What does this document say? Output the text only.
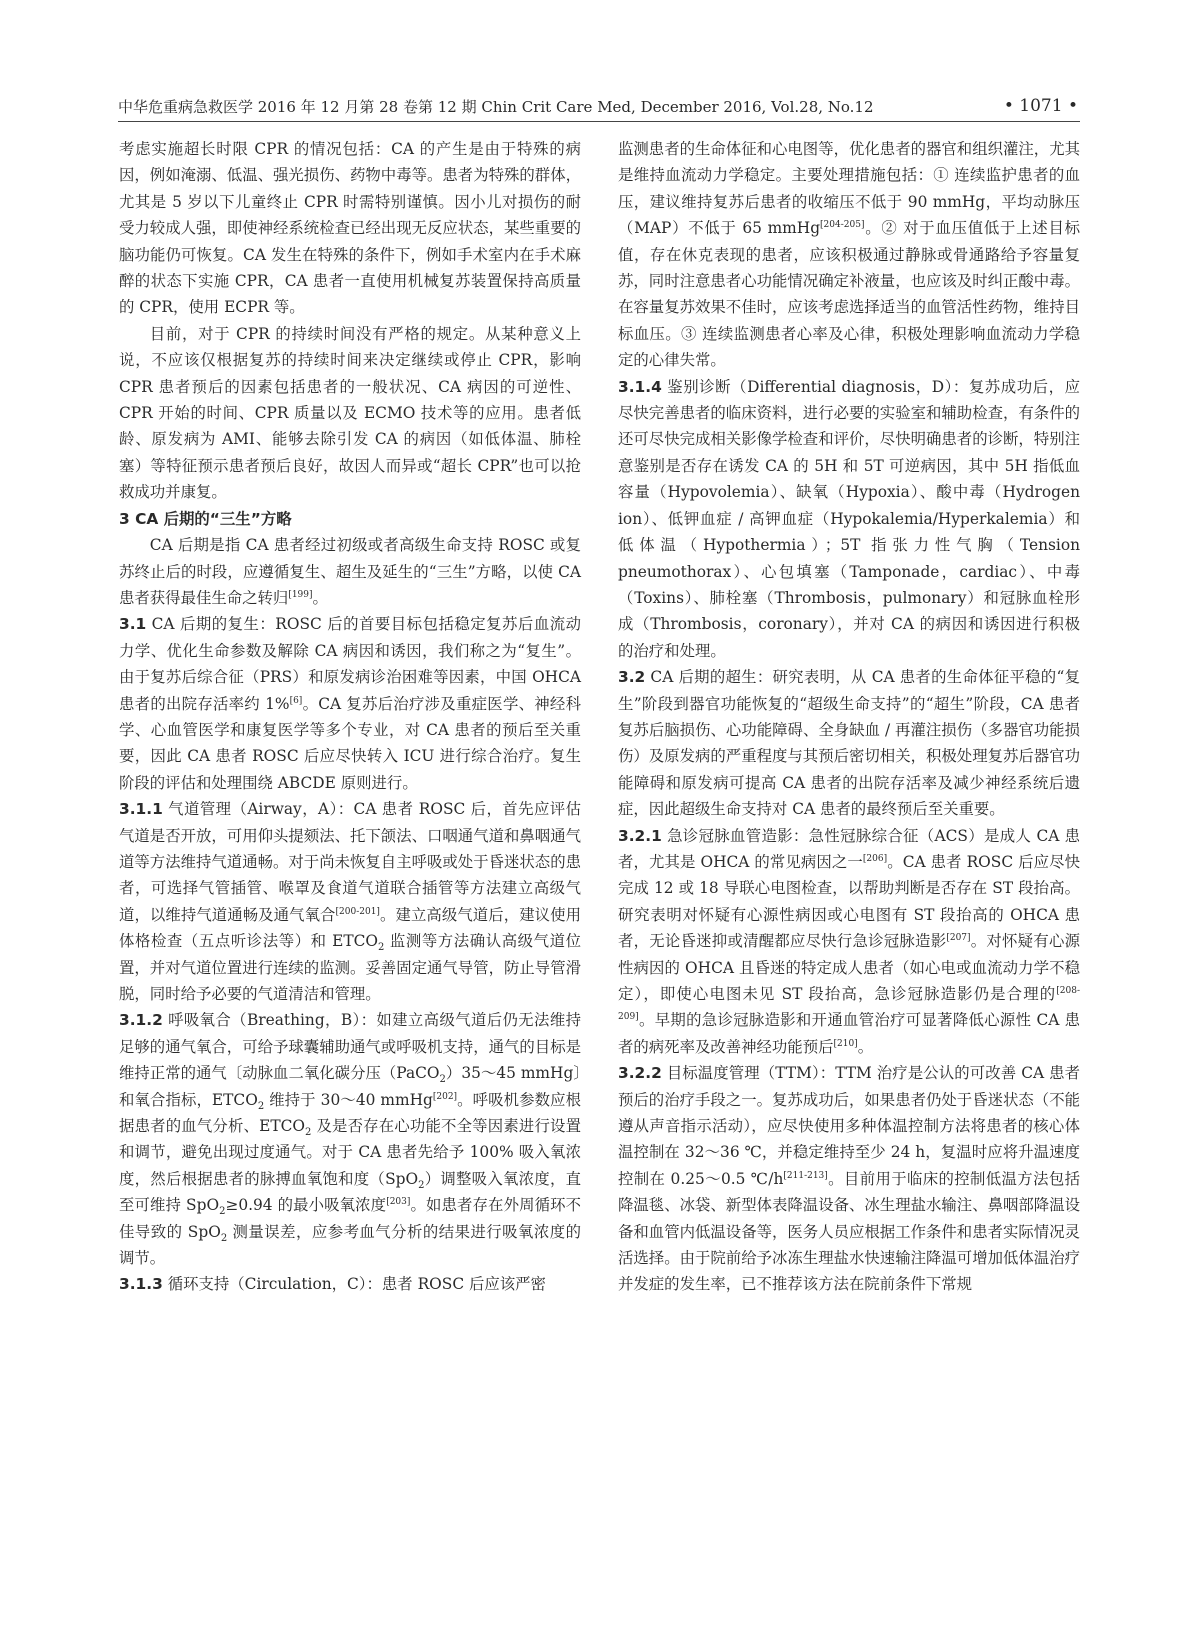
中华危重病急救医学 2016 年 12 月第 28 卷第 12 期 Chin Crit Care Med, December 2016, Vol.28, No.12	• 1071 •

考虑实施超长时限 CPR 的情况包括：CA 的产生是由于特殊的病因，例如淹溺、低温、强光损伤、药物中毒等。患者为特殊的群体，尤其是 5 岁以下儿童终止 CPR 时需特别谨慎。因小儿对损伤的耐受力较成人强，即使神经系统检查已经出现无反应状态，某些重要的脑功能仍可恢复。CA 发生在特殊的条件下，例如手术室内在手术麻醉的状态下实施 CPR，CA 患者一直使用机械复苏装置保持高质量的 CPR，使用 ECPR 等。

目前，对于 CPR 的持续时间没有严格的规定。从某种意义上说，不应该仅根据复苏的持续时间来决定继续或停止 CPR，影响 CPR 患者预后的因素包括患者的一般状况、CA 病因的可逆性、CPR 开始的时间、CPR 质量以及 ECMO 技术等的应用。患者低龄、原发病为 AMI、能够去除引发 CA 的病因（如低体温、肺栓塞）等特征预示患者预后良好，故因人而异或“超长 CPR”也可以抢救成功并康复。

3 CA 后期的“三生”方略

CA 后期是指 CA 患者经过初级或者高级生命支持 ROSC 或复苏终止后的时段，应遵循复生、超生及延生的“三生”方略，以使 CA 患者获得最佳生命之转归[199]。

3.1 CA 后期的复生：ROSC 后的首要目标包括稳定复苏后血流动力学、优化生命参数及解除 CA 病因和诱因，我们称之为“复生”。由于复苏后综合征（PRS）和原发病诊治困难等因素，中国 OHCA 患者的出院存活率约 1%[6]。CA 复苏后治疗涉及重症医学、神经科学、心血管医学和康复医学等多个专业，对 CA 患者的预后至关重要，因此 CA 患者 ROSC 后应尽快转入 ICU 进行综合治疗。复生阶段的评估和处理围绕 ABCDE 原则进行。

3.1.1 气道管理（Airway，A）：CA 患者 ROSC 后，首先应评估气道是否开放，可用仰头提颏法、托下颌法、口咽通气道和鼻咽通气道等方法维持气道通畅。对于尚未恢复自主呼吸或处于昏迷状态的患者，可选择气管插管、喉罩及食道气道联合插管等方法建立高级气道，以维持气道通畅及通气氧合[200-201]。建立高级气道后，建议使用体格检查（五点听诊法等）和 $ETCO_2$ 监测等方法确认高级气道位置，并对气道位置进行连续的监测。妥善固定通气导管，防止导管滑脱，同时给予必要的气道清洁和管理。

3.1.2 呼吸氧合（Breathing，B）：如建立高级气道后仍无法维持足够的通气氧合，可给予球囊辅助通气或呼吸机支持，通气的目标是维持正常的通气〔动脉血二氧化碳分压（PaCO$_2$）35～45 mmHg〕和氧合指标，$ETCO_2$ 维持于 30～40 mmHg[202]。呼吸机参数应根据患者的血气分析、$ETCO_2$ 及是否存在心功能不全等因素进行设置和调节，避免出现过度通气。对于 CA 患者先给予 100% 吸入氧浓度，然后根据患者的脉搏血氧饱和度（SpO$_2$）调整吸入氧浓度，直至可维持 SpO$_2$≥0.94 的最小吸氧浓度[203]。如患者存在外周循环不佳导致的 SpO$_2$ 测量误差，应参考血气分析的结果进行吸氧浓度的调节。

3.1.3 循环支持（Circulation，C）：患者 ROSC 后应该严密

监测患者的生命体征和心电图等，优化患者的器官和组织灌注，尤其是维持血流动力学稳定。主要处理措施包括：① 连续监护患者的血压，建议维持复苏后患者的收缩压不低于 90 mmHg，平均动脉压（MAP）不低于 65 mmHg[204-205]。② 对于血压值低于上述目标值，存在休克表现的患者，应该积极通过静脉或骨通路给予容量复苏，同时注意患者心功能情况确定补液量，也应该及时纠正酸中毒。在容量复苏效果不佳时，应该考虑选择适当的血管活性药物，维持目标血压。③ 连续监测患者心率及心律，积极处理影响血流动力学稳定的心律失常。

3.1.4 鉴别诊断（Differential diagnosis，D）：复苏成功后，应尽快完善患者的临床资料，进行必要的实验室和辅助检查，有条件的还可尽快完成相关影像学检查和评价，尽快明确患者的诊断，特别注意鉴别是否存在诱发 CA 的 5H 和 5T 可逆病因，其中 5H 指低血容量（Hypovolemia）、缺氧（Hypoxia）、酸中毒（Hydrogen ion）、低钾血症 / 高钾血症（Hypokalemia/Hyperkalemia）和低体温（Hypothermia）；5T 指张力性气胸（Tension pneumothorax）、心包填塞（Tamponade，cardiac）、中毒（Toxins）、肺栓塞（Thrombosis，pulmonary）和冠脉血栓形成（Thrombosis，coronary），并对 CA 的病因和诱因进行积极的治疗和处理。

3.2 CA 后期的超生：研究表明，从 CA 患者的生命体征平稳的“复生”阶段到器官功能恢复的“超级生命支持”的“超生”阶段，CA 患者复苏后脑损伤、心功能障碍、全身缺血 / 再灌注损伤（多器官功能损伤）及原发病的严重程度与其预后密切相关，积极处理复苏后器官功能障碍和原发病可提高 CA 患者的出院存活率及减少神经系统后遗症，因此超级生命支持对 CA 患者的最终预后至关重要。

3.2.1 急诊冠脉血管造影：急性冠脉综合征（ACS）是成人 CA 患者，尤其是 OHCA 的常见病因之一[206]。CA 患者 ROSC 后应尽快完成 12 或 18 导联心电图检查，以帮助判断是否存在 ST 段抬高。研究表明对怀疑有心源性病因或心电图有 ST 段抬高的 OHCA 患者，无论昏迷抑或清醒都应尽快行急诊冠脉造影[207]。对怀疑有心源性病因的 OHCA 且昏迷的特定成人患者（如心电或血流动力学不稳定），即使心电图未见 ST 段抬高，急诊冠脉造影仍是合理的[208-209]。早期的急诊冠脉造影和开通血管治疗可显著降低心源性 CA 患者的病死率及改善神经功能预后[210]。

3.2.2 目标温度管理（TTM）：TTM 治疗是公认的可改善 CA 患者预后的治疗手段之一。复苏成功后，如果患者仍处于昏迷状态（不能遵从声音指示活动），应尽快使用多种体温控制方法将患者的核心体温控制在 32～36 ℃，并稳定维持至少 24 h，复温时应将升温速度控制在 0.25～0.5 ℃/h[211-213]。目前用于临床的控制低温方法包括降温毯、冰袋、新型体表降温设备、冰生理盐水输注、鼻咽部降温设备和血管内低温设备等，医务人员应根据工作条件和患者实际情况灵活选择。由于院前给予冰冻生理盐水快速输注降温可增加低体温治疗并发症的发生率，已不推荐该方法在院前条件下常规
